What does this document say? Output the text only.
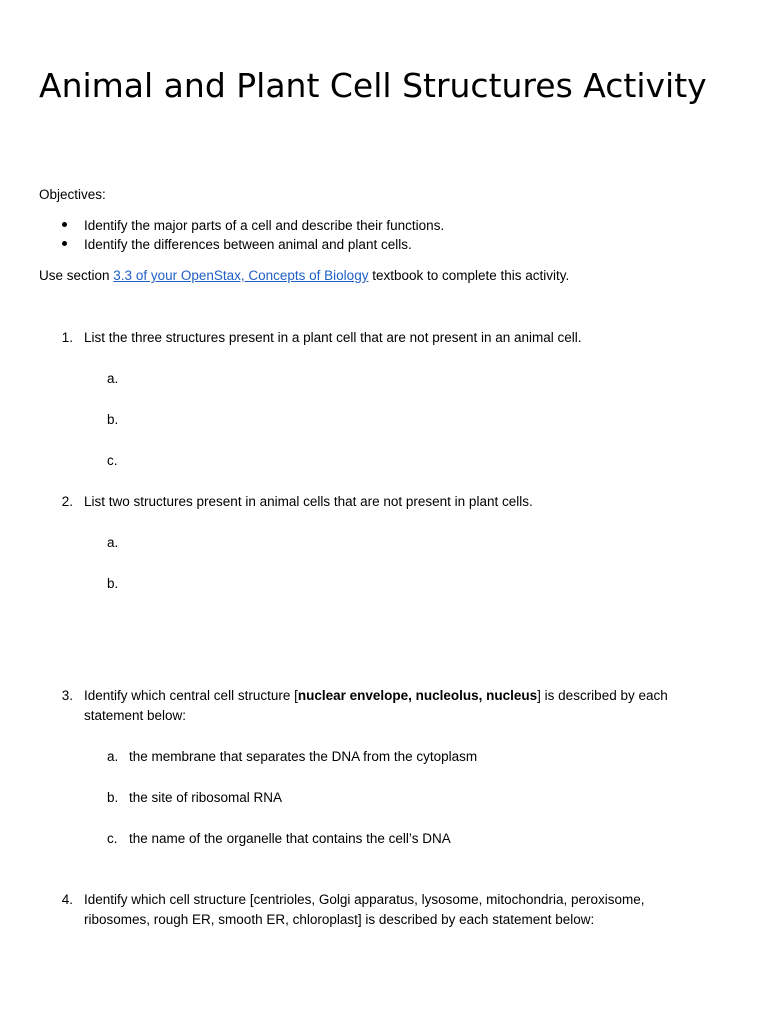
Animal and Plant Cell Structures Activity
Objectives:
Identify the major parts of a cell and describe their functions.
Identify the differences between animal and plant cells.
Use section 3.3 of your OpenStax, Concepts of Biology textbook to complete this activity.
1. List the three structures present in a plant cell that are not present in an animal cell.
a.
b.
c.
2. List two structures present in animal cells that are not present in plant cells.
a.
b.
3. Identify which central cell structure [nuclear envelope, nucleolus, nucleus] is described by each
statement below:
a. the membrane that separates the DNA from the cytoplasm
b. the site of ribosomal RNA
c. the name of the organelle that contains the cell’s DNA
4. Identify which cell structure [centrioles, Golgi apparatus, lysosome, mitochondria, peroxisome,
ribosomes, rough ER, smooth ER, chloroplast] is described by each statement below:
